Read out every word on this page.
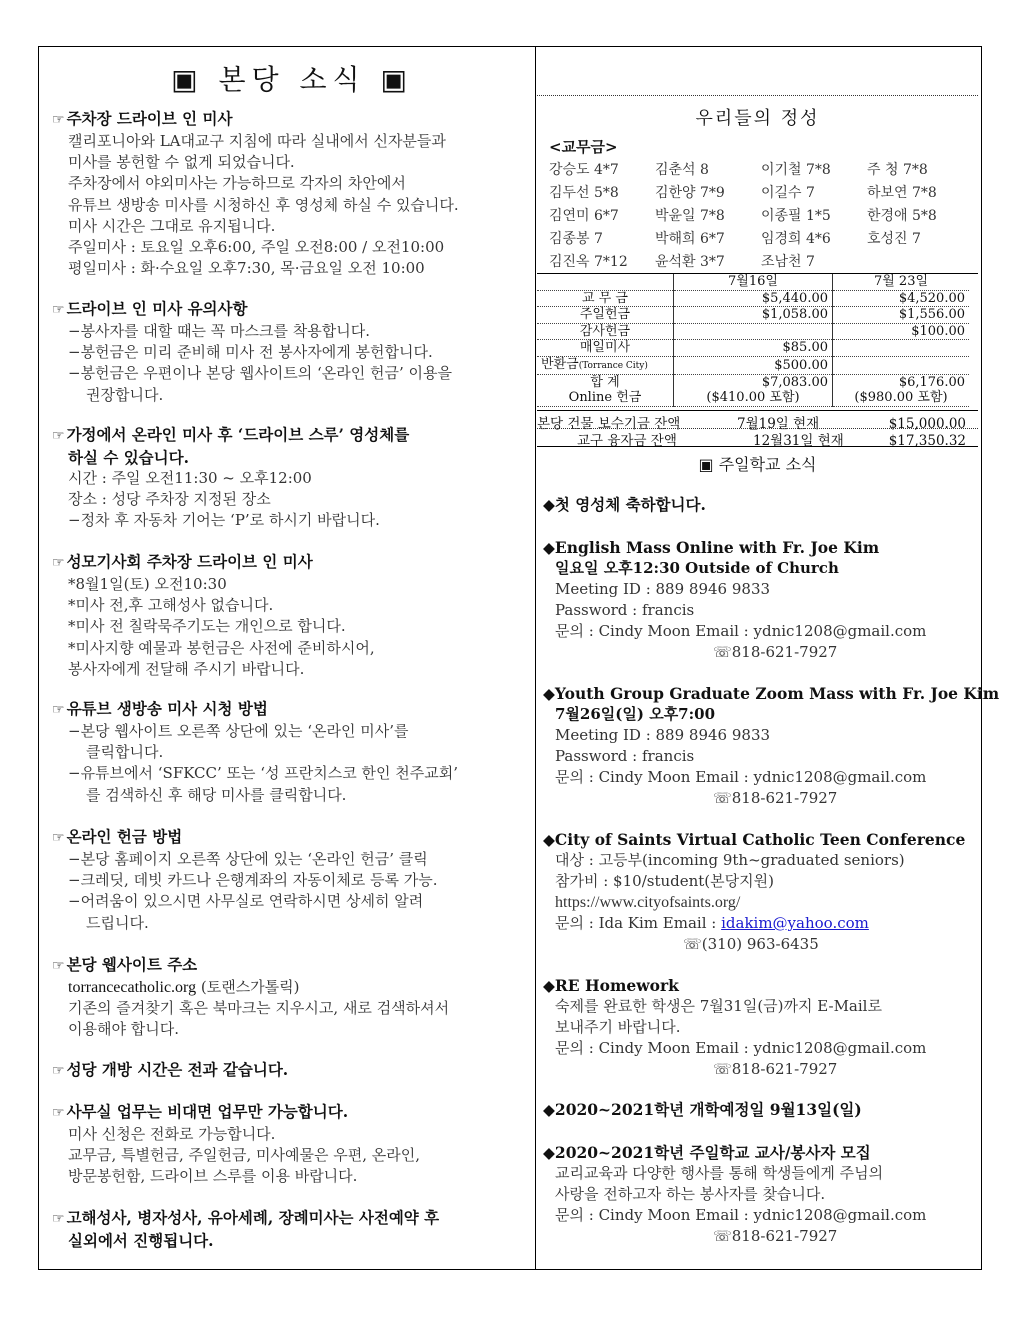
▣ 본당 소식 ▣
☞ 주차장 드라이브 인 미사
캘리포니아와 LA대교구 지침에 따라 실내에서 신자분들과
미사를 봉헌할 수 없게 되었습니다.
주차장에서 야외미사는 가능하므로 각자의 차안에서
유튜브 생방송 미사를 시청하신 후 영성체 하실 수 있습니다.
미사 시간은 그대로 유지됩니다.
주일미사 : 토요일 오후6:00, 주일 오전8:00 / 오전10:00
평일미사 : 화·수요일 오후7:30, 목·금요일 오전 10:00
☞ 드라이브 인 미사 유의사항
−봉사자를 대할 때는 꼭 마스크를 착용합니다.
−봉헌금은 미리 준비해 미사 전 봉사자에게 봉헌합니다.
−봉헌금은 우편이나 본당 웹사이트의 ‘온라인 헌금’ 이용을
권장합니다.
☞ 가정에서 온라인 미사 후 ‘드라이브 스루’ 영성체를
하실 수 있습니다.
시간 : 주일 오전11:30 ~ 오후12:00
장소 : 성당 주차장 지정된 장소
−정차 후 자동차 기어는 ‘P’로 하시기 바랍니다.
☞ 성모기사회 주차장 드라이브 인 미사
*8월1일(토) 오전10:30
*미사 전,후 고해성사 없습니다.
*미사 전 칠락묵주기도는 개인으로 합니다.
*미사지향 예물과 봉헌금은 사전에 준비하시어,
봉사자에게 전달해 주시기 바랍니다.
☞ 유튜브 생방송 미사 시청 방법
−본당 웹사이트 오른쪽 상단에 있는 ‘온라인 미사’를
클릭합니다.
−유튜브에서 ‘SFKCC’ 또는 ‘성 프란치스코 한인 천주교회’
를 검색하신 후 해당 미사를 클릭합니다.
☞ 온라인 헌금 방법
−본당 홈페이지 오른쪽 상단에 있는 ‘온라인 헌금’ 클릭
−크레딧, 데빗 카드나 은행계좌의 자동이체로 등록 가능.
−어려움이 있으시면 사무실로 연락하시면 상세히 알려
드립니다.
☞ 본당 웹사이트 주소
torrancecatholic.org (토랜스가톨릭)
기존의 즐겨찾기 혹은 북마크는 지우시고, 새로 검색하셔서
이용해야 합니다.
☞ 성당 개방 시간은 전과 같습니다.
☞ 사무실 업무는 비대면 업무만 가능합니다.
미사 신청은 전화로 가능합니다.
교무금, 특별헌금, 주일헌금, 미사예물은 우편, 온라인,
방문봉헌함, 드라이브 스루를 이용 바랍니다.
☞ 고해성사, 병자성사, 유아세례, 장례미사는 사전예약 후
실외에서 진행됩니다.
우리들의 정성
<교무금>
강승도 4*7	김춘석 8	이기철 7*8	주 청 7*8
김두선 5*8	김한양 7*9	이길수 7	하보연 7*8
김연미 6*7	박윤일 7*8	이종필 1*5	한경애 5*8
김종봉 7	박해희 6*7	임경희 4*6	호성진 7
김진옥 7*12	윤석환 3*7	조남천 7
	7월16일	7월 23일
교 무 금	$5,440.00	$4,520.00
주일헌금	$1,058.00	$1,556.00
감사헌금		$100.00
매일미사	$85.00	
반환금(Torrance City)	$500.00	
합 계	$7,083.00	$6,176.00
Online 헌금	($410.00 포함)	($980.00 포함)
본당 건물 보수기금 잔액	7월19일 현재	$15,000.00
교구 융자금 잔액	12월31일 현재	$17,350.32
▣ 주일학교 소식
◆첫 영성체 축하합니다.
◆English Mass Online with Fr. Joe Kim
일요일 오후12:30 Outside of Church
Meeting ID : 889 8946 9833
Password : francis
문의 : Cindy Moon Email : ydnic1208@gmail.com
☏818-621-7927
◆Youth Group Graduate Zoom Mass with Fr. Joe Kim
7월26일(일) 오후7:00
Meeting ID : 889 8946 9833
Password : francis
문의 : Cindy Moon Email : ydnic1208@gmail.com
☏818-621-7927
◆City of Saints Virtual Catholic Teen Conference
대상 : 고등부(incoming 9th~graduated seniors)
참가비 : $10/student(본당지원)
https://www.cityofsaints.org/
문의 : Ida Kim Email : idakim@yahoo.com
☏(310) 963-6435
◆RE Homework
숙제를 완료한 학생은 7월31일(금)까지 E-Mail로
보내주기 바랍니다.
문의 : Cindy Moon Email : ydnic1208@gmail.com
☏818-621-7927
◆2020~2021학년 개학예정일 9월13일(일)
◆2020~2021학년 주일학교 교사/봉사자 모집
교리교육과 다양한 행사를 통해 학생들에게 주님의
사랑을 전하고자 하는 봉사자를 찾습니다.
문의 : Cindy Moon Email : ydnic1208@gmail.com
☏818-621-7927
